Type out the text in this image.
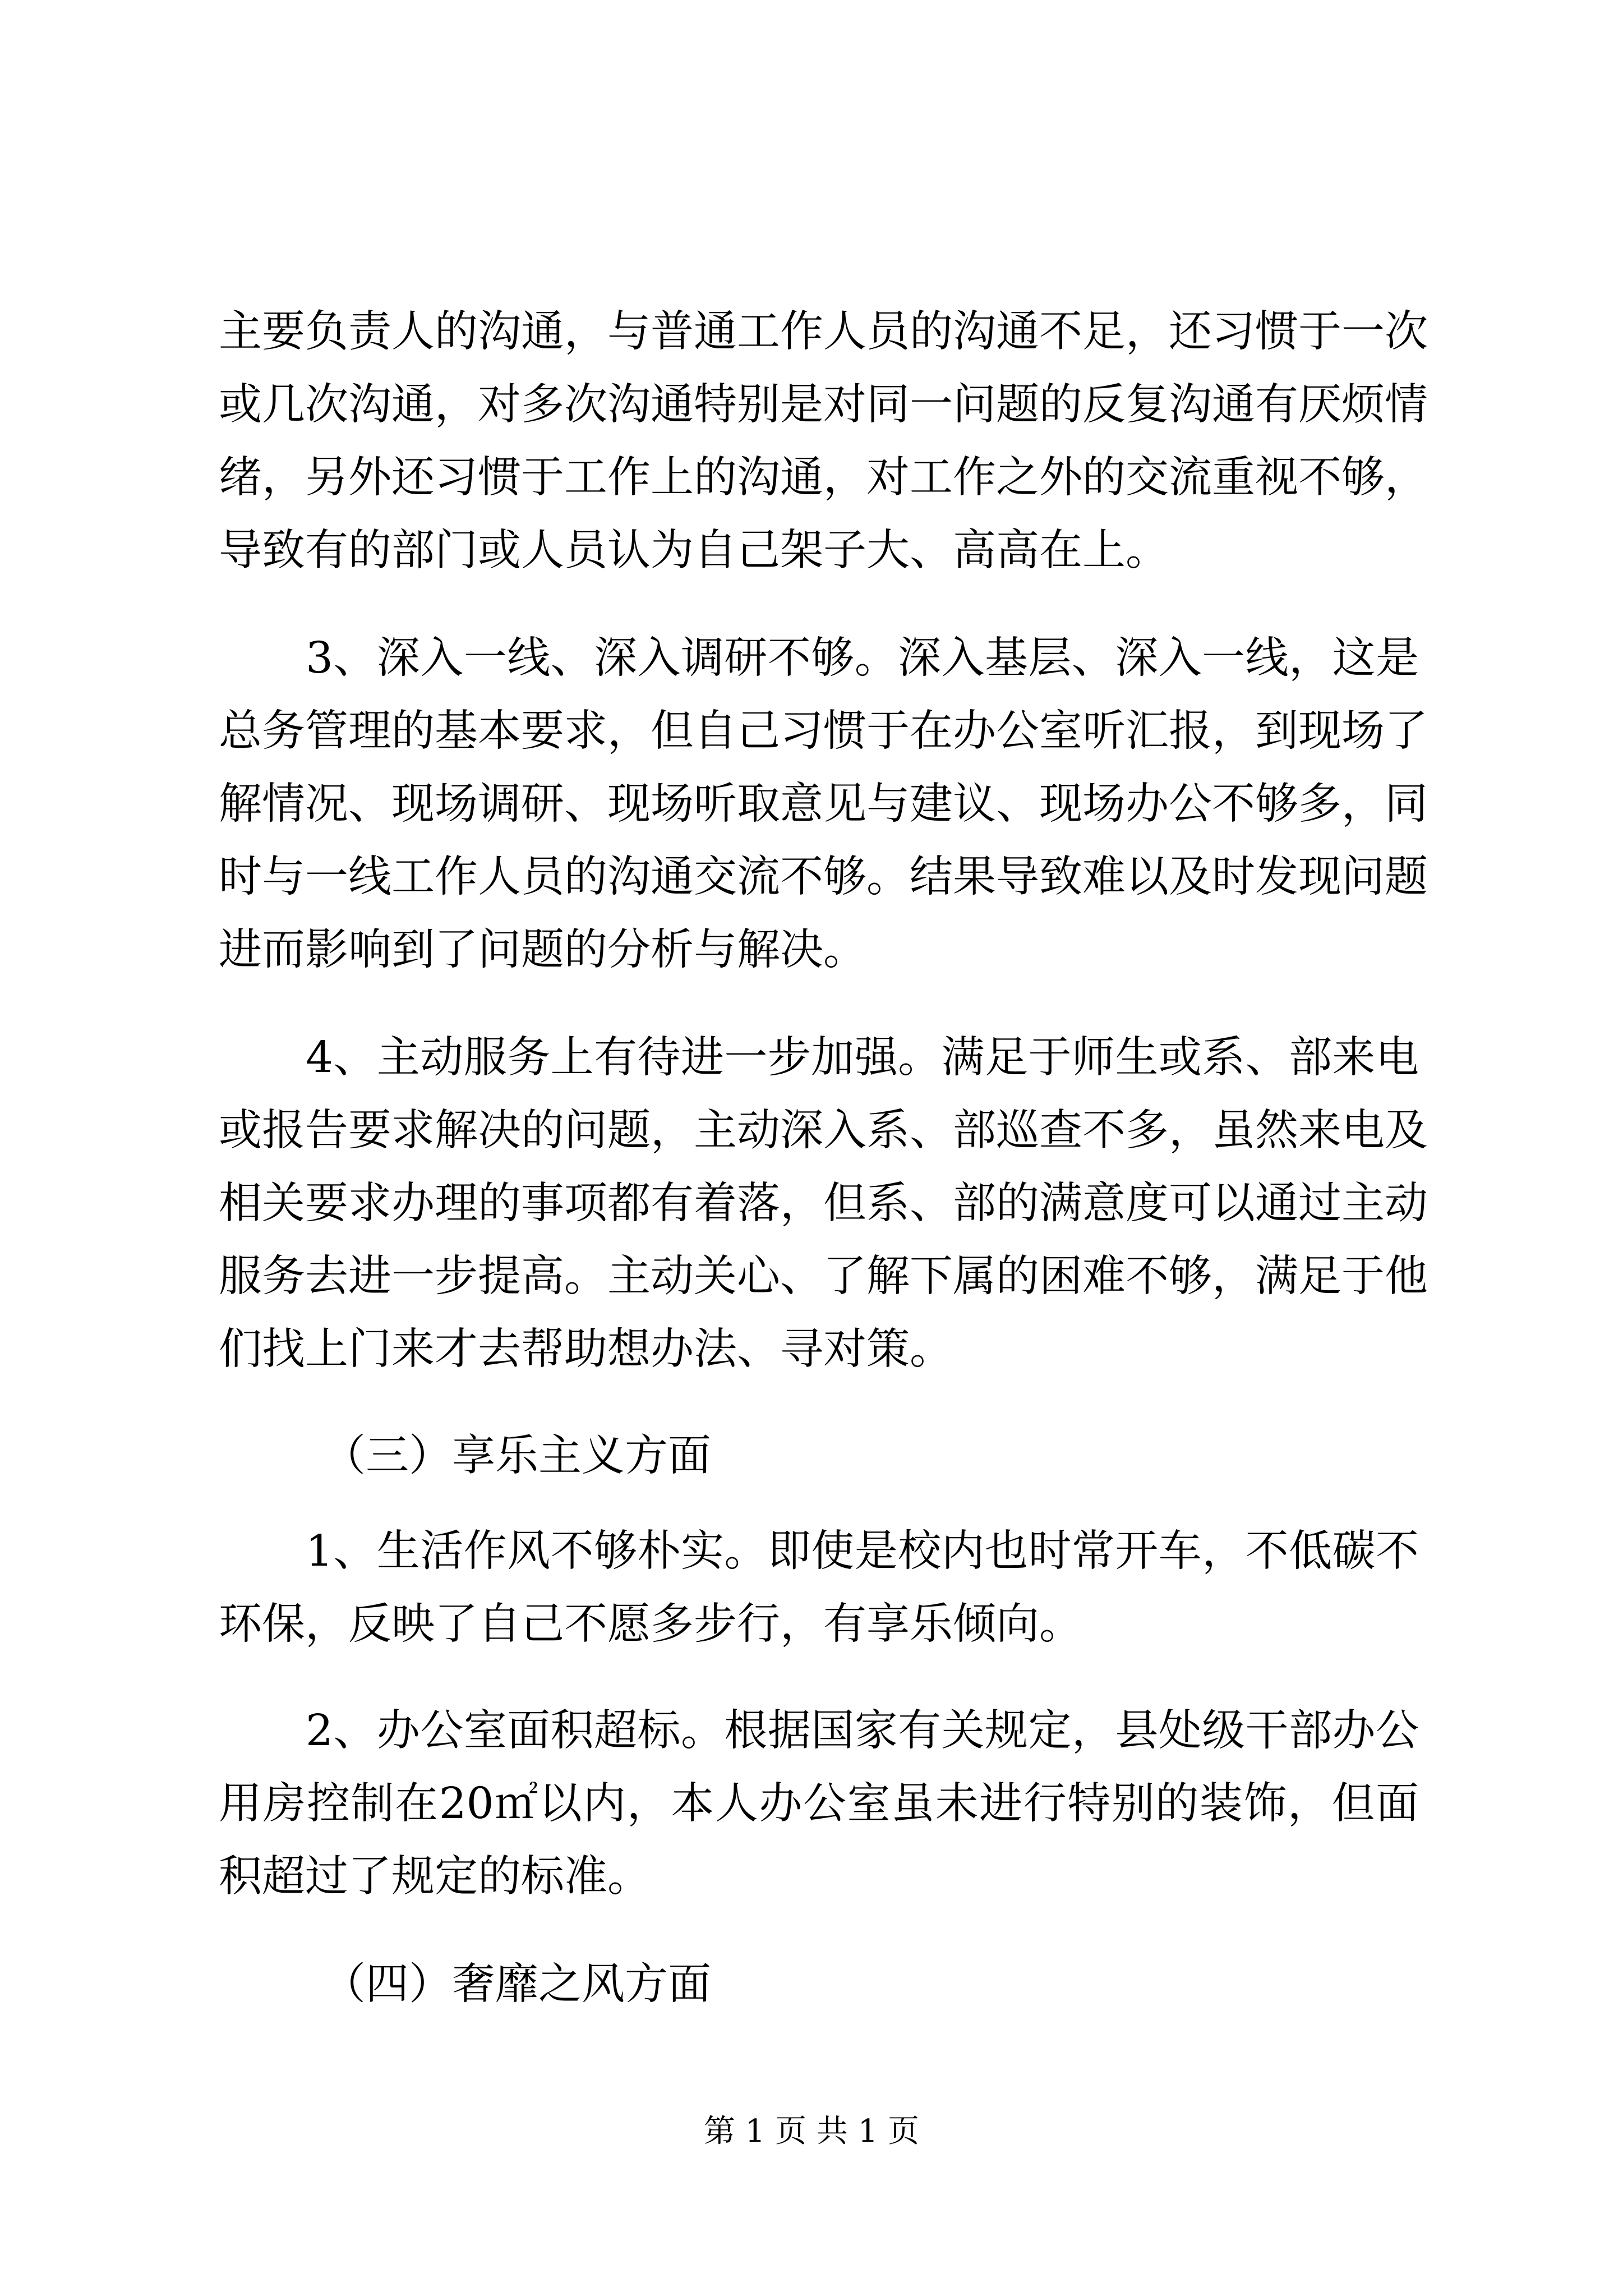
主要负责人的沟通，与普通工作人员的沟通不足，还习惯于一次

或几次沟通，对多次沟通特别是对同一问题的反复沟通有厌烦情

绪，另外还习惯于工作上的沟通，对工作之外的交流重视不够，

导致有的部门或人员认为自己架子大、高高在上。

3、深入一线、深入调研不够。深入基层、深入一线，这是

总务管理的基本要求，但自己习惯于在办公室听汇报，到现场了

解情况、现场调研、现场听取意见与建议、现场办公不够多，同

时与一线工作人员的沟通交流不够。结果导致难以及时发现问题

进而影响到了问题的分析与解决。

4、主动服务上有待进一步加强。满足于师生或系、部来电

或报告要求解决的问题，主动深入系、部巡查不多，虽然来电及

相关要求办理的事项都有着落，但系、部的满意度可以通过主动

服务去进一步提高。主动关心、了解下属的困难不够，满足于他

们找上门来才去帮助想办法、寻对策。

（三）享乐主义方面

1、生活作风不够朴实。即使是校内也时常开车，不低碳不

环保，反映了自己不愿多步行，有享乐倾向。

2、办公室面积超标。根据国家有关规定，县处级干部办公

用房控制在20㎡以内，本人办公室虽未进行特别的装饰，但面

积超过了规定的标准。

（四）奢靡之风方面

第 1 页 共 1 页
